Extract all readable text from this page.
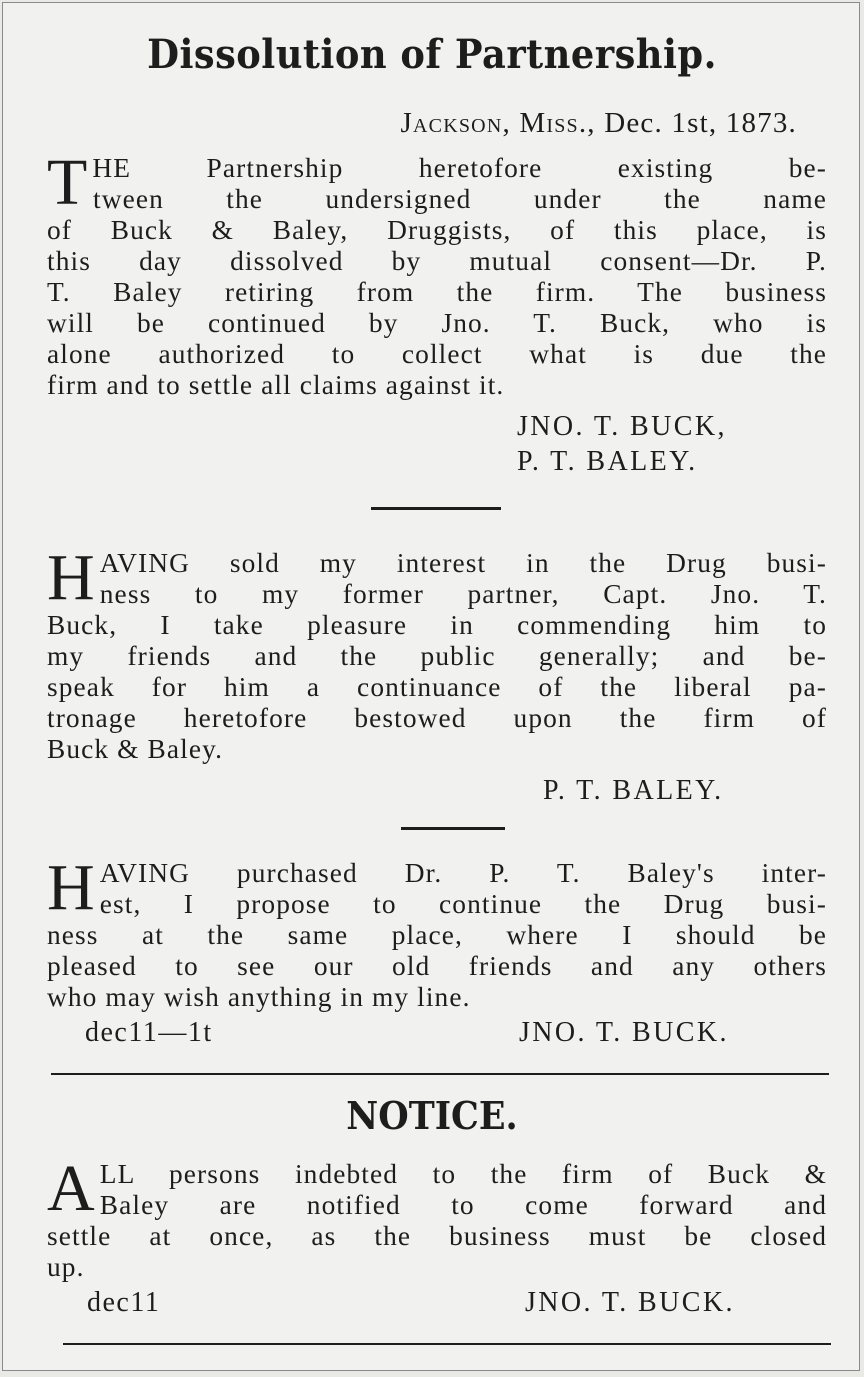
Dissolution of Partnership.
Jackson, Miss., Dec. 1st, 1873.
T HE Partnership heretofore existing be-
tween the undersigned under the name
of Buck & Baley, Druggists, of this place, is
this day dissolved by mutual consent—Dr. P.
T. Baley retiring from the firm. The business
will be continued by Jno. T. Buck, who is
alone authorized to collect what is due the
firm and to settle all claims against it.

JNO. T. BUCK,

P. T. BALEY.

H AVING sold my interest in the Drug busi-
ness to my former partner, Capt. Jno. T.
Buck, I take pleasure in commending him to
my friends and the public generally; and be-
speak for him a continuance of the liberal pa-
tronage heretofore bestowed upon the firm of
Buck & Baley.

P. T. BALEY.

H AVING purchased Dr. P. T. Baley's inter-
est, I propose to continue the Drug busi-
ness at the same place, where I should be
pleased to see our old friends and any others
who may wish anything in my line.

dec11—1t	JNO. T. BUCK.

NOTICE.
A LL persons indebted to the firm of Buck &
Baley are notified to come forward and
settle at once, as the business must be closed
up.

dec11	JNO. T. BUCK.
